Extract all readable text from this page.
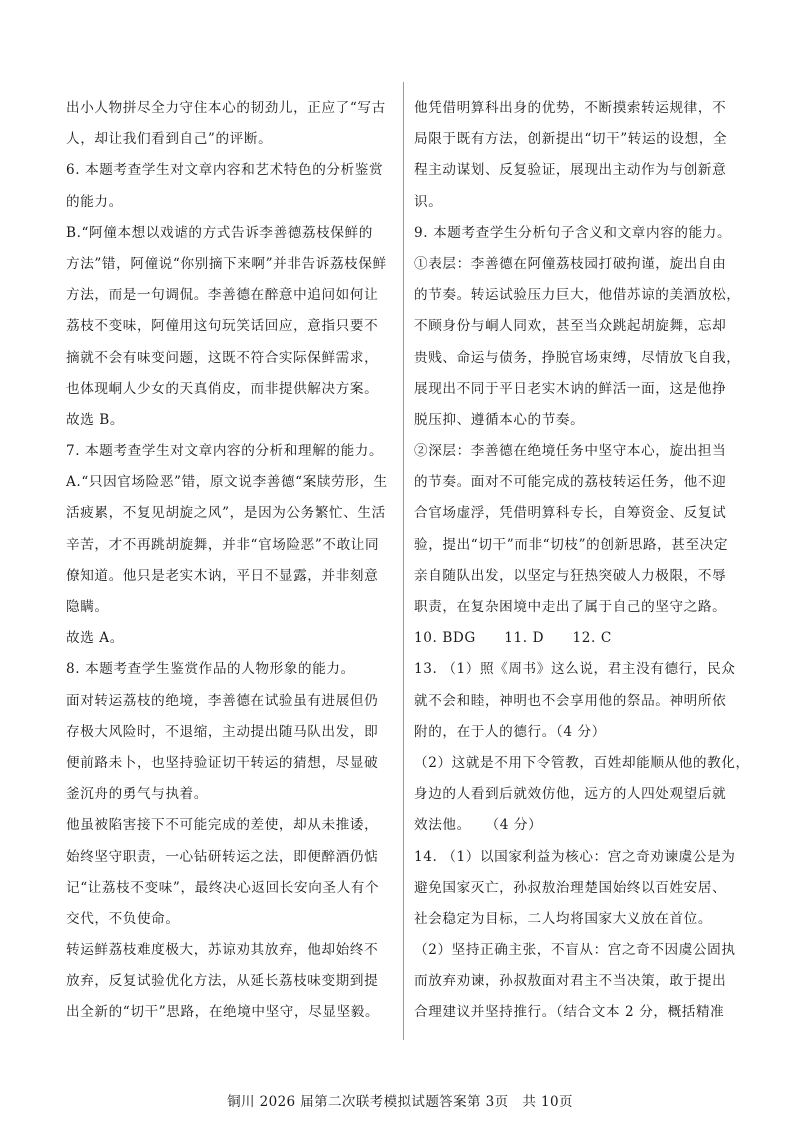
出小人物拼尽全力守住本心的韧劲儿，正应了“写古
人，却让我们看到自己”的评断。
6. 本题考查学生对文章内容和艺术特色的分析鉴赏
的能力。
B.“阿僮本想以戏谑的方式告诉李善德荔枝保鲜的
方法”错，阿僮说“你别摘下来啊”并非告诉荔枝保鲜
方法，而是一句调侃。李善德在醉意中追问如何让
荔枝不变味，阿僮用这句玩笑话回应，意指只要不
摘就不会有味变问题，这既不符合实际保鲜需求，
也体现峒人少女的天真俏皮，而非提供解决方案。
故选 B。
7. 本题考查学生对文章内容的分析和理解的能力。
A.“只因官场险恶”错，原文说李善德“案牍劳形，生
活疲累，不复见胡旋之风”，是因为公务繁忙、生活
辛苦，才不再跳胡旋舞，并非“官场险恶”不敢让同
僚知道。他只是老实木讷，平日不显露，并非刻意
隐瞒。
故选 A。
8. 本题考查学生鉴赏作品的人物形象的能力。
面对转运荔枝的绝境，李善德在试验虽有进展但仍
存极大风险时，不退缩，主动提出随马队出发，即
便前路未卜，也坚持验证切干转运的猜想，尽显破
釜沉舟的勇气与执着。
他虽被陷害接下不可能完成的差使，却从未推诿，
始终坚守职责，一心钻研转运之法，即便醉酒仍惦
记“让荔枝不变味”，最终决心返回长安向圣人有个
交代，不负使命。
转运鲜荔枝难度极大，苏谅劝其放弃，他却始终不
放弃，反复试验优化方法，从延长荔枝味变期到提
出全新的“切干”思路，在绝境中坚守，尽显坚毅。
他凭借明算科出身的优势，不断摸索转运规律，不
局限于既有方法，创新提出“切干”转运的设想，全
程主动谋划、反复验证，展现出主动作为与创新意
识。
9. 本题考查学生分析句子含义和文章内容的能力。
①表层：李善德在阿僮荔枝园打破拘谨，旋出自由
的节奏。转运试验压力巨大，他借苏谅的美酒放松，
不顾身份与峒人同欢，甚至当众跳起胡旋舞，忘却
贵贱、命运与债务，挣脱官场束缚，尽情放飞自我，
展现出不同于平日老实木讷的鲜活一面，这是他挣
脱压抑、遵循本心的节奏。
②深层：李善德在绝境任务中坚守本心，旋出担当
的节奏。面对不可能完成的荔枝转运任务，他不迎
合官场虚浮，凭借明算科专长，自筹资金、反复试
验，提出“切干”而非“切枝”的创新思路，甚至决定
亲自随队出发，以坚定与狂热突破人力极限，不辱
职责，在复杂困境中走出了属于自己的坚守之路。
10. BDG　　11. D　　12. C
13. （1）照《周书》这么说，君主没有德行，民众
就不会和睦，神明也不会享用他的祭品。神明所依
附的，在于人的德行。（4 分）
（2）这就是不用下令管教，百姓却能顺从他的教化，
身边的人看到后就效仿他，远方的人四处观望后就
效法他。　　（4 分）
14. （1）以国家利益为核心：宫之奇劝谏虞公是为
避免国家灭亡，孙叔敖治理楚国始终以百姓安居、
社会稳定为目标，二人均将国家大义放在首位。
（2）坚持正确主张，不盲从：宫之奇不因虞公固执
而放弃劝谏，孙叔敖面对君主不当决策，敢于提出
合理建议并坚持推行。（结合文本 2 分，概括精准
铜川 2026 届第二次联考模拟试题答案第 3页　共 10页
